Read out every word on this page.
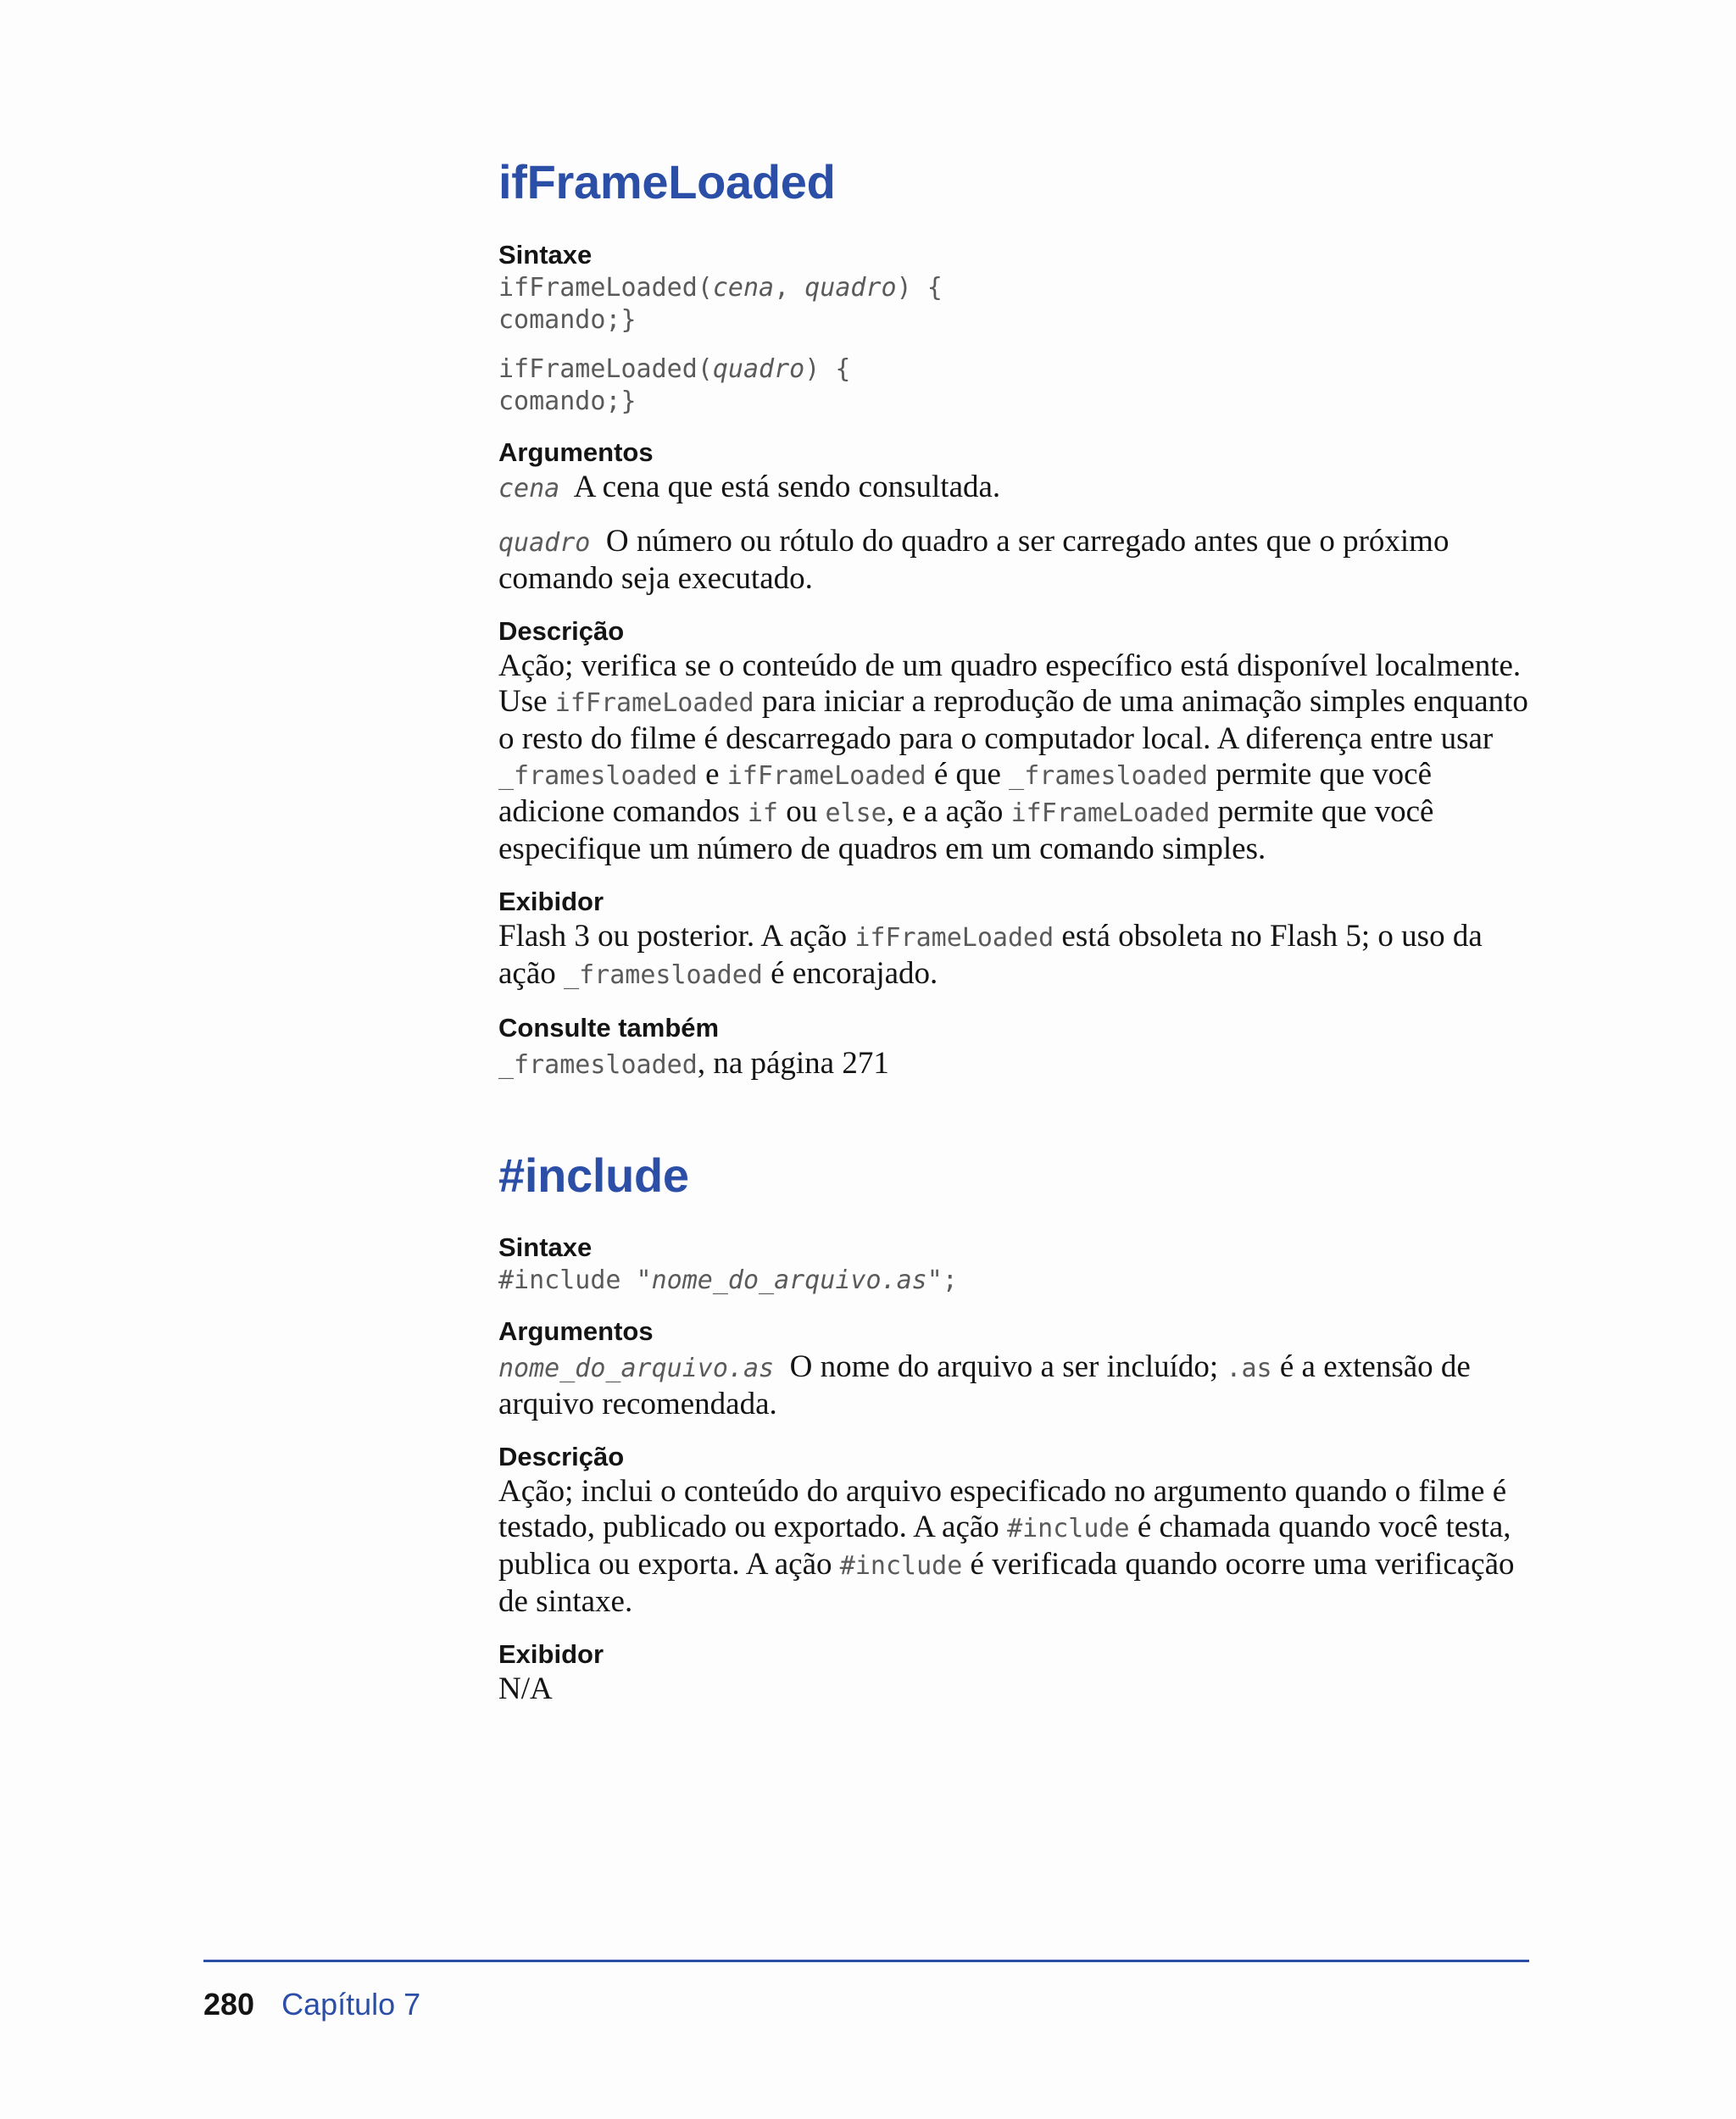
ifFrameLoaded
Sintaxe
ifFrameLoaded(cena, quadro) {
comando;}
ifFrameLoaded(quadro) {
comando;}
Argumentos

cena A cena que está sendo consultada.

quadro O número ou rótulo do quadro a ser carregado antes que o próximo comando seja executado.

Descrição

Ação; verifica se o conteúdo de um quadro específico está disponível localmente. Use ifFrameLoaded para iniciar a reprodução de uma animação simples enquanto o resto do filme é descarregado para o computador local. A diferença entre usar _framesloaded e ifFrameLoaded é que _framesloaded permite que você adicione comandos if ou else, e a ação ifFrameLoaded permite que você especifique um número de quadros em um comando simples.

Exibidor

Flash 3 ou posterior. A ação ifFrameLoaded está obsoleta no Flash 5; o uso da ação _framesloaded é encorajado.

Consulte também

_framesloaded, na página 271

#include
Sintaxe
#include "nome_do_arquivo.as";
Argumentos

nome_do_arquivo.as O nome do arquivo a ser incluído; .as é a extensão de arquivo recomendada.

Descrição

Ação; inclui o conteúdo do arquivo especificado no argumento quando o filme é testado, publicado ou exportado. A ação #include é chamada quando você testa, publica ou exporta. A ação #include é verificada quando ocorre uma verificação de sintaxe.

Exibidor

N/A

280 Capítulo 7
